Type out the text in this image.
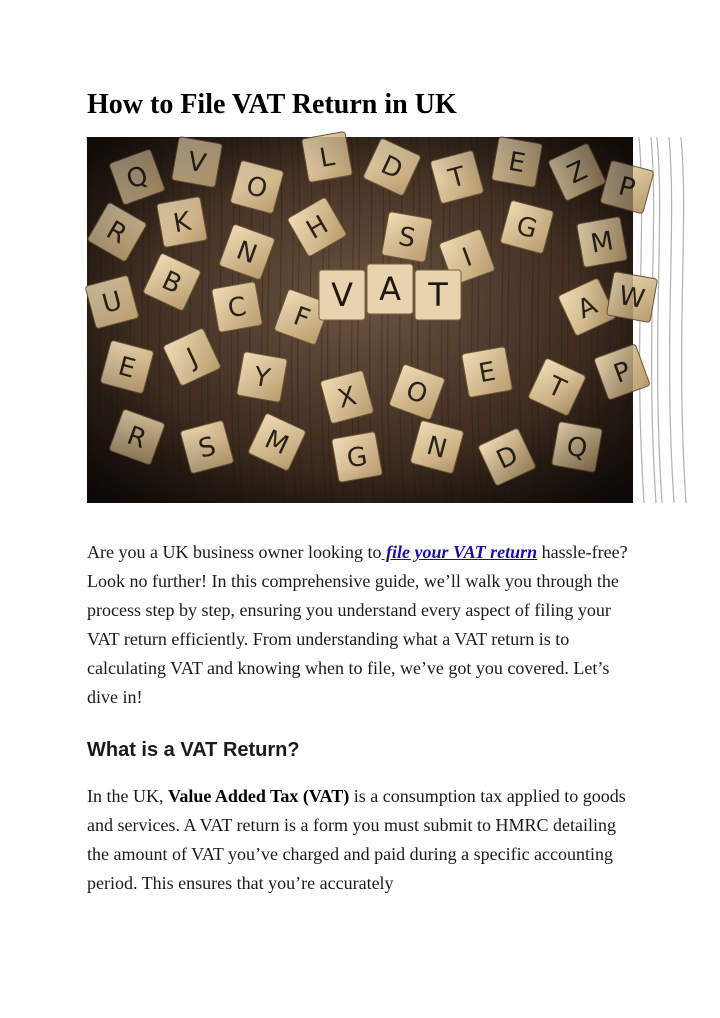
How to File VAT Return in UK

Are you a UK business owner looking to file your VAT return hassle-free? Look no further! In this comprehensive guide, we’ll walk you through the process step by step, ensuring you understand every aspect of filing your VAT return efficiently. From understanding what a VAT return is to calculating VAT and knowing when to file, we’ve got you covered. Let’s dive in!

What is a VAT Return?

In the UK, Value Added Tax (VAT) is a consumption tax applied to goods and services. A VAT return is a form you must submit to HMRC detailing the amount of VAT you’ve charged and paid during a specific accounting period. This ensures that you’re accurately
